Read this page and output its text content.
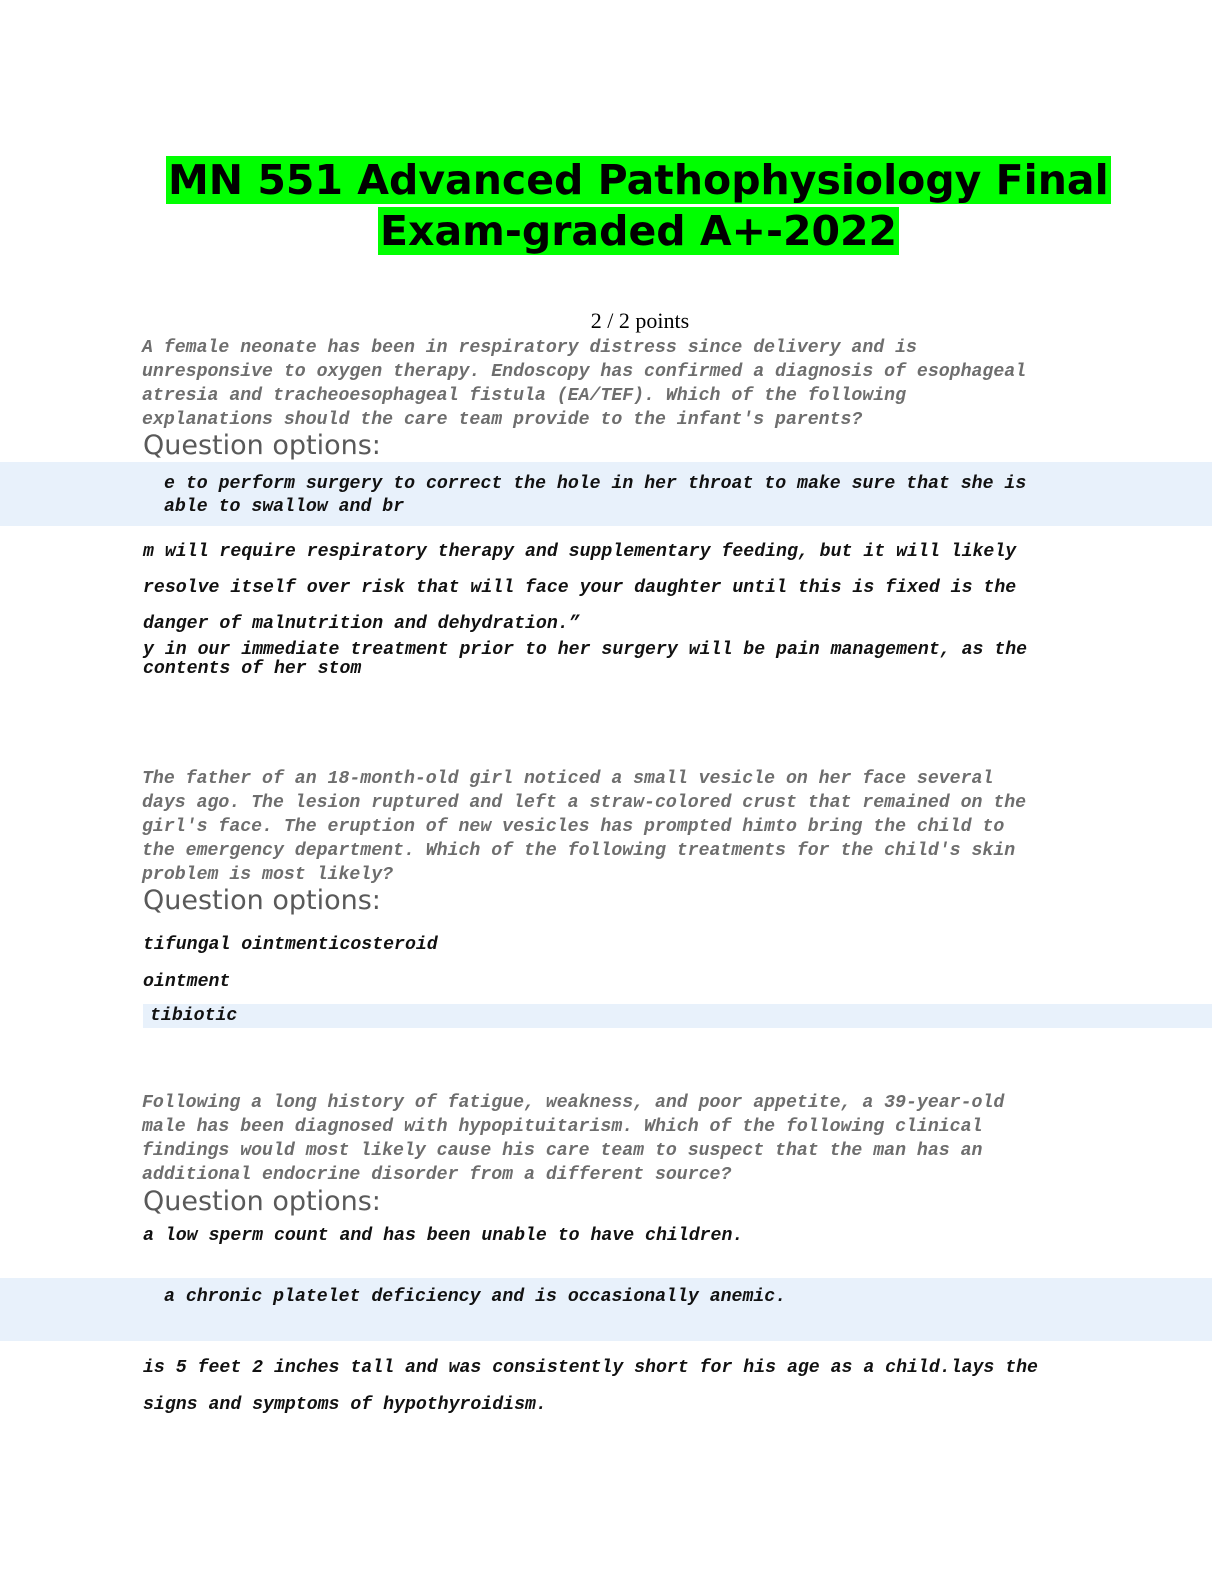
MN 551 Advanced Pathophysiology Final
Exam-graded A+-2022
2 / 2 points
A female neonate has been in respiratory distress since delivery and is
unresponsive to oxygen therapy. Endoscopy has confirmed a diagnosis of esophageal
atresia and tracheoesophageal fistula (EA/TEF). Which of the following
explanations should the care team provide to the infant's parents?
Question options:
e to perform surgery to correct the hole in her throat to make sure that she is
able to swallow and br
m will require respiratory therapy and supplementary feeding, but it will likely
resolve itself over risk that will face your daughter until this is fixed is the
danger of malnutrition and dehydration.”
y in our immediate treatment prior to her surgery will be pain management, as the
contents of her stom
The father of an 18-month-old girl noticed a small vesicle on her face several
days ago. The lesion ruptured and left a straw-colored crust that remained on the
girl's face. The eruption of new vesicles has prompted himto bring the child to
the emergency department. Which of the following treatments for the child's skin
problem is most likely?
Question options:
tifungal ointmenticosteroid
ointment
tibiotic
Following a long history of fatigue, weakness, and poor appetite, a 39-year-old
male has been diagnosed with hypopituitarism. Which of the following clinical
findings would most likely cause his care team to suspect that the man has an
additional endocrine disorder from a different source?
Question options:
a low sperm count and has been unable to have children.
a chronic platelet deficiency and is occasionally anemic.
is 5 feet 2 inches tall and was consistently short for his age as a child.lays the
signs and symptoms of hypothyroidism.
